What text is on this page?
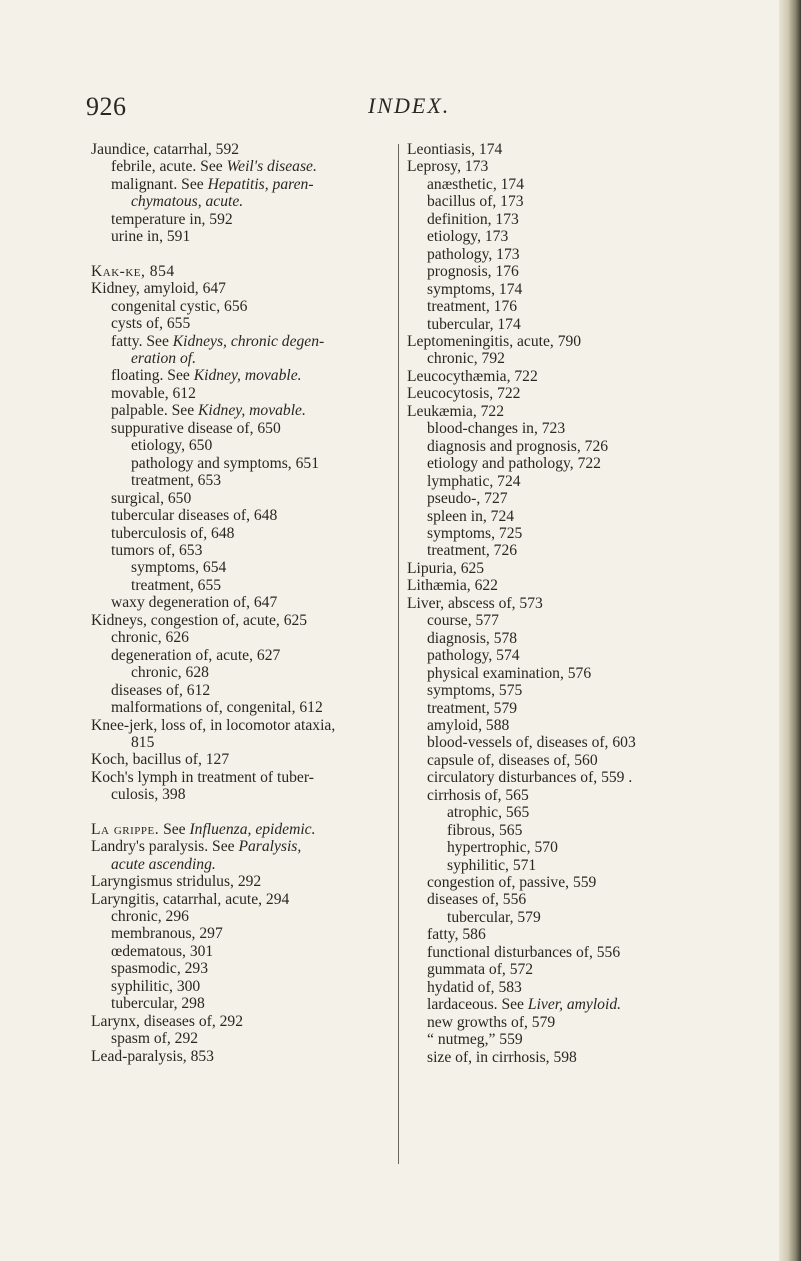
926	INDEX.
Jaundice, catarrhal, 592
febrile, acute. See Weil's disease.
malignant. See Hepatitis, paren-
chymatous, acute.
temperature in, 592
urine in, 591
Kak-ke, 854
Kidney, amyloid, 647
congenital cystic, 656
cysts of, 655
fatty. See Kidneys, chronic degen-
eration of.
floating. See Kidney, movable.
movable, 612
palpable. See Kidney, movable.
suppurative disease of, 650
etiology, 650
pathology and symptoms, 651
treatment, 653
surgical, 650
tubercular diseases of, 648
tuberculosis of, 648
tumors of, 653
symptoms, 654
treatment, 655
waxy degeneration of, 647
Kidneys, congestion of, acute, 625
chronic, 626
degeneration of, acute, 627
chronic, 628
diseases of, 612
malformations of, congenital, 612
Knee-jerk, loss of, in locomotor ataxia,
815
Koch, bacillus of, 127
Koch's lymph in treatment of tuber-
culosis, 398
La grippe. See Influenza, epidemic.
Landry's paralysis. See Paralysis,
acute ascending.
Laryngismus stridulus, 292
Laryngitis, catarrhal, acute, 294
chronic, 296
membranous, 297
œdematous, 301
spasmodic, 293
syphilitic, 300
tubercular, 298
Larynx, diseases of, 292
spasm of, 292
Lead-paralysis, 853
Leontiasis, 174
Leprosy, 173
anæsthetic, 174
bacillus of, 173
definition, 173
etiology, 173
pathology, 173
prognosis, 176
symptoms, 174
treatment, 176
tubercular, 174
Leptomeningitis, acute, 790
chronic, 792
Leucocythæmia, 722
Leucocytosis, 722
Leukæmia, 722
blood-changes in, 723
diagnosis and prognosis, 726
etiology and pathology, 722
lymphatic, 724
pseudo-, 727
spleen in, 724
symptoms, 725
treatment, 726
Lipuria, 625
Lithæmia, 622
Liver, abscess of, 573
course, 577
diagnosis, 578
pathology, 574
physical examination, 576
symptoms, 575
treatment, 579
amyloid, 588
blood-vessels of, diseases of, 603
capsule of, diseases of, 560
circulatory disturbances of, 559 .
cirrhosis of, 565
atrophic, 565
fibrous, 565
hypertrophic, 570
syphilitic, 571
congestion of, passive, 559
diseases of, 556
tubercular, 579
fatty, 586
functional disturbances of, 556
gummata of, 572
hydatid of, 583
lardaceous. See Liver, amyloid.
new growths of, 579
“ nutmeg,” 559
size of, in cirrhosis, 598
